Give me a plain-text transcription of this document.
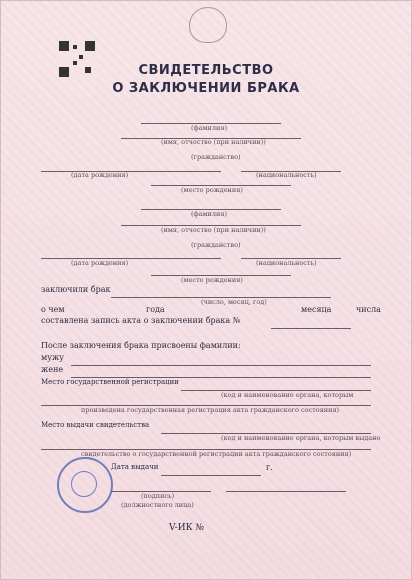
СВИДЕТЕЛЬСТВО
О ЗАКЛЮЧЕНИИ БРАКА
(фамилия)
(имя, отчество (при наличии))
(гражданство)
(дата рождения)	(национальность)
(место рождения)
(фамилия)
(имя, отчество (при наличии))
(гражданство)
(дата рождения)	(национальность)
(место рождения)
заключили брак
(число, месяц, год)
о чем	года	месяца	числа
составлена запись акта о заключении брака №
После заключения брака присвоены фамилии:
мужу
жене
Место государственной регистрации
(код и наименование органа, которым
произведена государственная регистрация акта гражданского состояния)
Место выдачи свидетельства
(код и наименование органа, которым выдано
свидетельство о государственной регистрации акта гражданского состояния)
Дата выдачи	г.
(подпись)
(должностного лица)
V-ИК №
